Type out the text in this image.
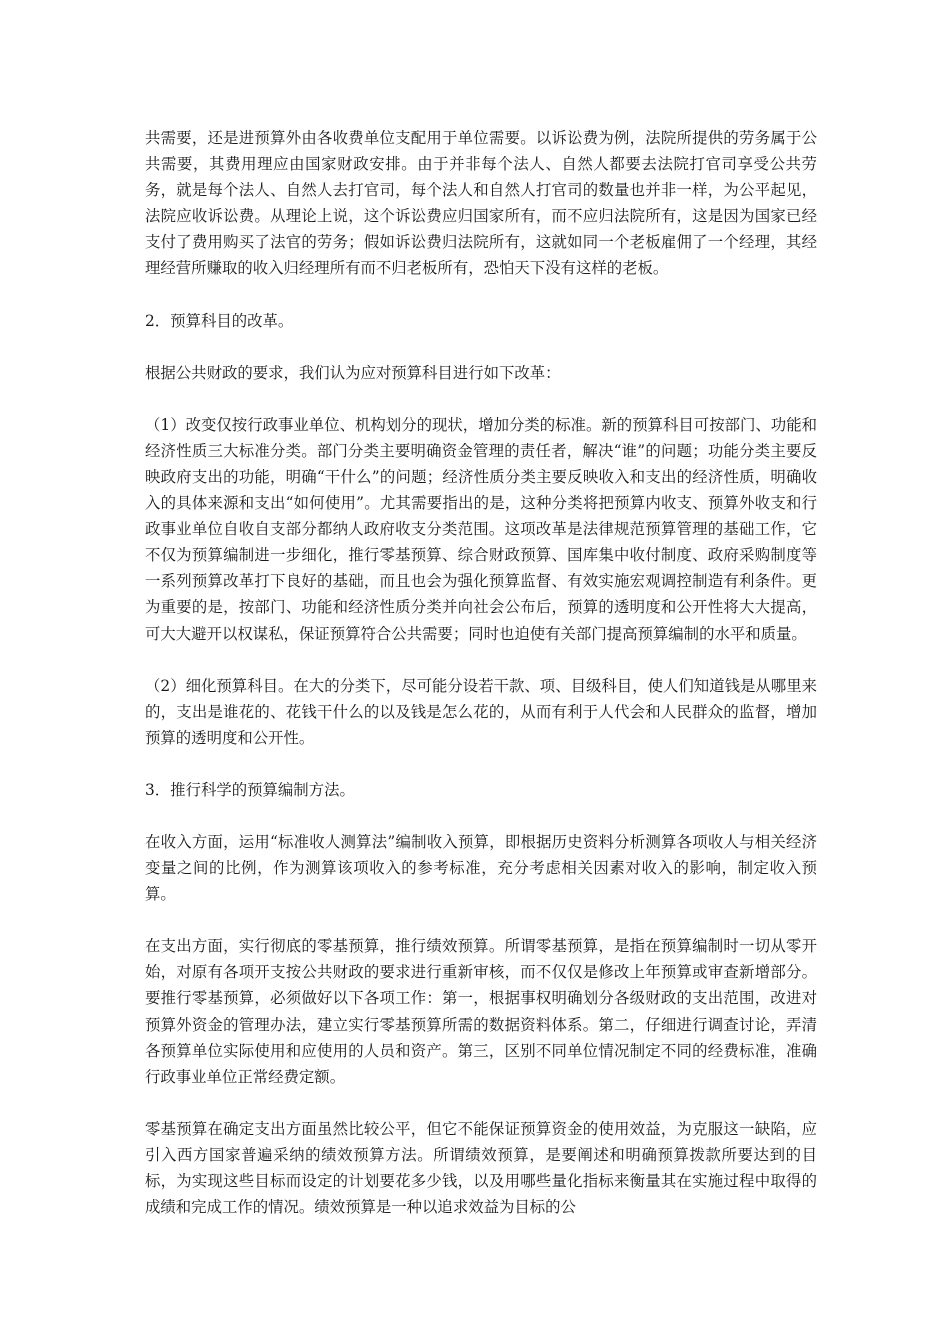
共需要，还是进预算外由各收费单位支配用于单位需要。以诉讼费为例，法院所提供的劳务属于公共需要，其费用理应由国家财政安排。由于并非每个法人、自然人都要去法院打官司享受公共劳务，就是每个法人、自然人去打官司，每个法人和自然人打官司的数量也并非一样，为公平起见，法院应收诉讼费。从理论上说，这个诉讼费应归国家所有，而不应归法院所有，这是因为国家已经支付了费用购买了法官的劳务；假如诉讼费归法院所有，这就如同一个老板雇佣了一个经理，其经理经营所赚取的收入归经理所有而不归老板所有，恐怕天下没有这样的老板。

2．预算科目的改革。

根据公共财政的要求，我们认为应对预算科目进行如下改革：

（1）改变仅按行政事业单位、机构划分的现状，增加分类的标准。新的预算科目可按部门、功能和经济性质三大标准分类。部门分类主要明确资金管理的责任者，解决“谁”的问题；功能分类主要反映政府支出的功能，明确“干什么”的问题；经济性质分类主要反映收入和支出的经济性质，明确收入的具体来源和支出“如何使用”。尤其需要指出的是，这种分类将把预算内收支、预算外收支和行政事业单位自收自支部分都纳人政府收支分类范围。这项改革是法律规范预算管理的基础工作，它不仅为预算编制进一步细化，推行零基预算、综合财政预算、国库集中收付制度、政府采购制度等一系列预算改革打下良好的基础，而且也会为强化预算监督、有效实施宏观调控制造有利条件。更为重要的是，按部门、功能和经济性质分类并向社会公布后，预算的透明度和公开性将大大提高，可大大避开以权谋私，保证预算符合公共需要；同时也迫使有关部门提高预算编制的水平和质量。

（2）细化预算科目。在大的分类下，尽可能分设若干款、项、目级科目，使人们知道钱是从哪里来的，支出是谁花的、花钱干什么的以及钱是怎么花的，从而有利于人代会和人民群众的监督，增加预算的透明度和公开性。

3．推行科学的预算编制方法。

在收入方面，运用“标准收人测算法”编制收入预算，即根据历史资料分析测算各项收人与相关经济变量之间的比例，作为测算该项收入的参考标准，充分考虑相关因素对收入的影响，制定收入预算。

在支出方面，实行彻底的零基预算，推行绩效预算。所谓零基预算，是指在预算编制时一切从零开始，对原有各项开支按公共财政的要求进行重新审核，而不仅仅是修改上年预算或审查新增部分。要推行零基预算，必须做好以下各项工作：第一，根据事权明确划分各级财政的支出范围，改进对预算外资金的管理办法，建立实行零基预算所需的数据资料体系。第二，仔细进行调查讨论，弄清各预算单位实际使用和应使用的人员和资产。第三，区别不同单位情况制定不同的经费标准，准确行政事业单位正常经费定额。

零基预算在确定支出方面虽然比较公平，但它不能保证预算资金的使用效益，为克服这一缺陷，应引入西方国家普遍采纳的绩效预算方法。所谓绩效预算，是要阐述和明确预算拨款所要达到的目标，为实现这些目标而设定的计划要花多少钱，以及用哪些量化指标来衡量其在实施过程中取得的成绩和完成工作的情况。绩效预算是一种以追求效益为目标的公
